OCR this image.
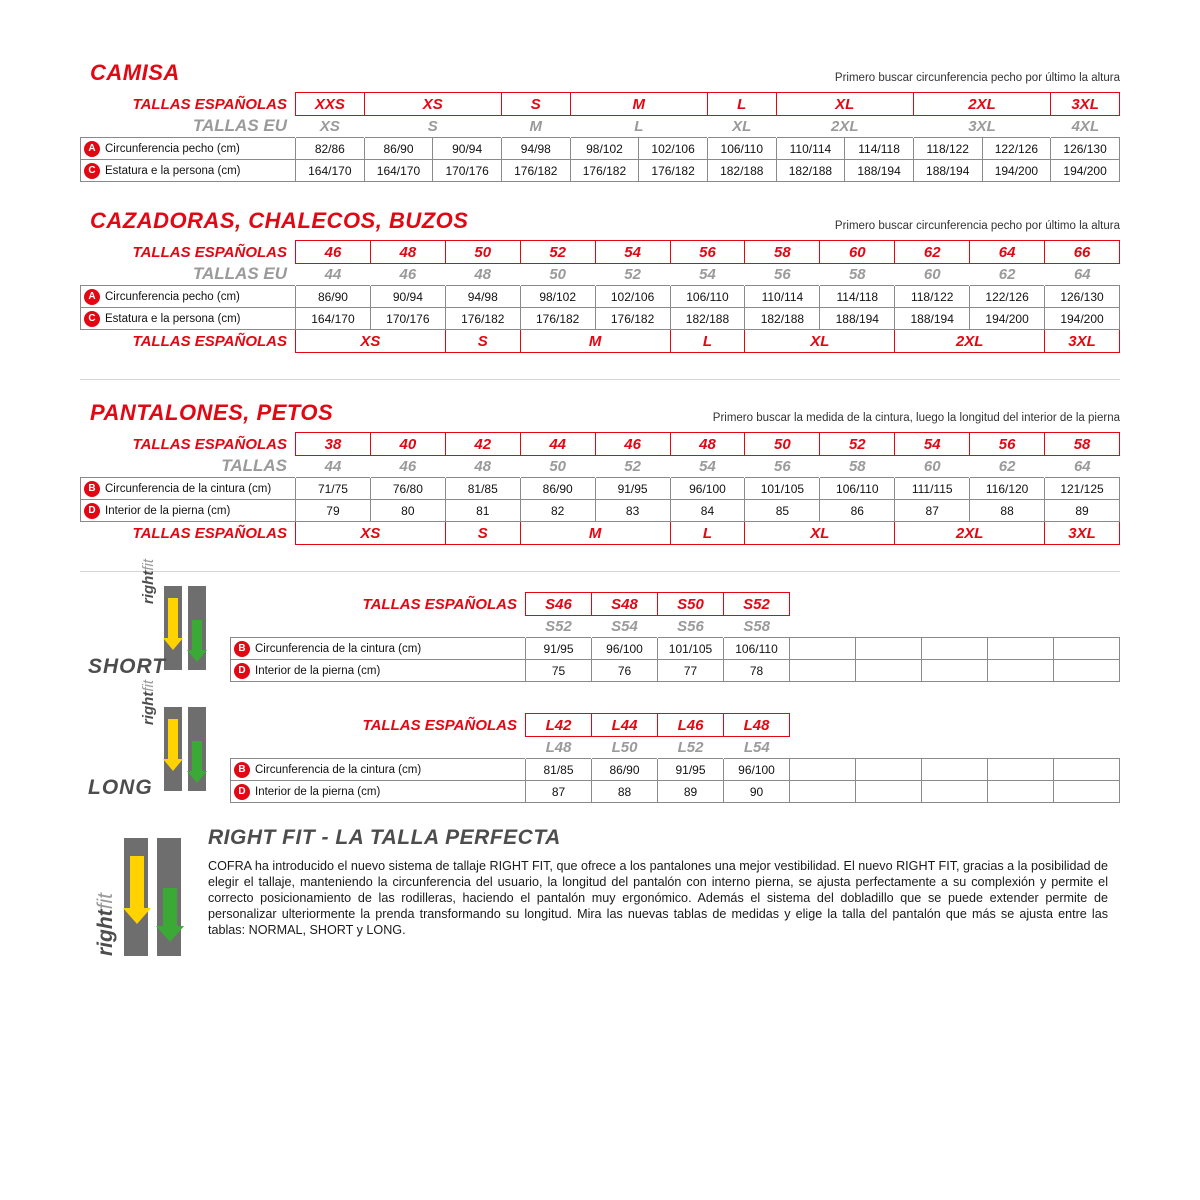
CAMISA	Primero buscar circunferencia pecho por último la altura
TALLAS ESPAÑOLAS	XXS	XS		S	M		L	XL		2XL		3XL
TALLAS EU	XS	S		M	L		XL	2XL		3XL		4XL

A Circunferencia pecho (cm)	82/86	86/90	90/94	94/98	98/102	102/106	106/110	110/114	114/118	118/122	122/126	126/130

C Estatura e la persona (cm)	164/170	164/170	170/176	176/182	176/182	176/182	182/188	182/188	188/194	188/194	194/200	194/200
CAZADORAS, CHALECOS, BUZOS	Primero buscar circunferencia pecho por último la altura
TALLAS ESPAÑOLAS	46	48	50	52	54	56	58	60	62	64	66
TALLAS EU	44	46	48	50	52	54	56	58	60	62	64

A Circunferencia pecho (cm)	86/90	90/94	94/98	98/102	102/106	106/110	110/114	114/118	118/122	122/126	126/130

C Estatura e la persona (cm)	164/170	170/176	176/182	176/182	176/182	182/188	182/188	188/194	188/194	194/200	194/200
TALLAS ESPAÑOLAS	XS		S	M		L	XL		2XL		3XL
PANTALONES, PETOS	Primero buscar la medida de la cintura, luego la longitud del interior de la pierna
TALLAS ESPAÑOLAS	38	40	42	44	46	48	50	52	54	56	58
TALLAS	44	46	48	50	52	54	56	58	60	62	64

B Circunferencia de la cintura (cm)	71/75	76/80	81/85	86/90	91/95	96/100	101/105	106/110	111/115	116/120	121/125

D Interior de la pierna (cm)	79	80	81	82	83	84	85	86	87	88	89
TALLAS ESPAÑOLAS	XS		S	M		L	XL		2XL		3XL
rightfit
SHORT
TALLAS ESPAÑOLAS	S46	S48	S50	S52					
	S52	S54	S56	S58					

B Circunferencia de la cintura (cm)	91/95	96/100	101/105	106/110					

D Interior de la pierna (cm)	75	76	77	78					
rightfit
LONG
TALLAS ESPAÑOLAS	L42	L44	L46	L48					
	L48	L50	L52	L54					

B Circunferencia de la cintura (cm)	81/85	86/90	91/95	96/100					

D Interior de la pierna (cm)	87	88	89	90					
rightfit
RIGHT FIT - LA TALLA PERFECTA
COFRA ha introducido el nuevo sistema de tallaje RIGHT FIT, que ofrece a los pantalones una mejor vestibilidad. El nuevo RIGHT FIT, gracias a la posibilidad de elegir el tallaje, manteniendo la circunferencia del usuario, la longitud del pantalón con interno pierna, se ajusta perfectamente a su complexión y permite el correcto posicionamiento de las rodilleras, haciendo el pantalón muy ergonómico. Además el sistema del dobladillo que se puede extender permite de personalizar ulteriormente la prenda transformando su longitud. Mira las nuevas tablas de medidas y elige la talla del pantalón que más se ajusta entre las tablas: NORMAL, SHORT y LONG.
